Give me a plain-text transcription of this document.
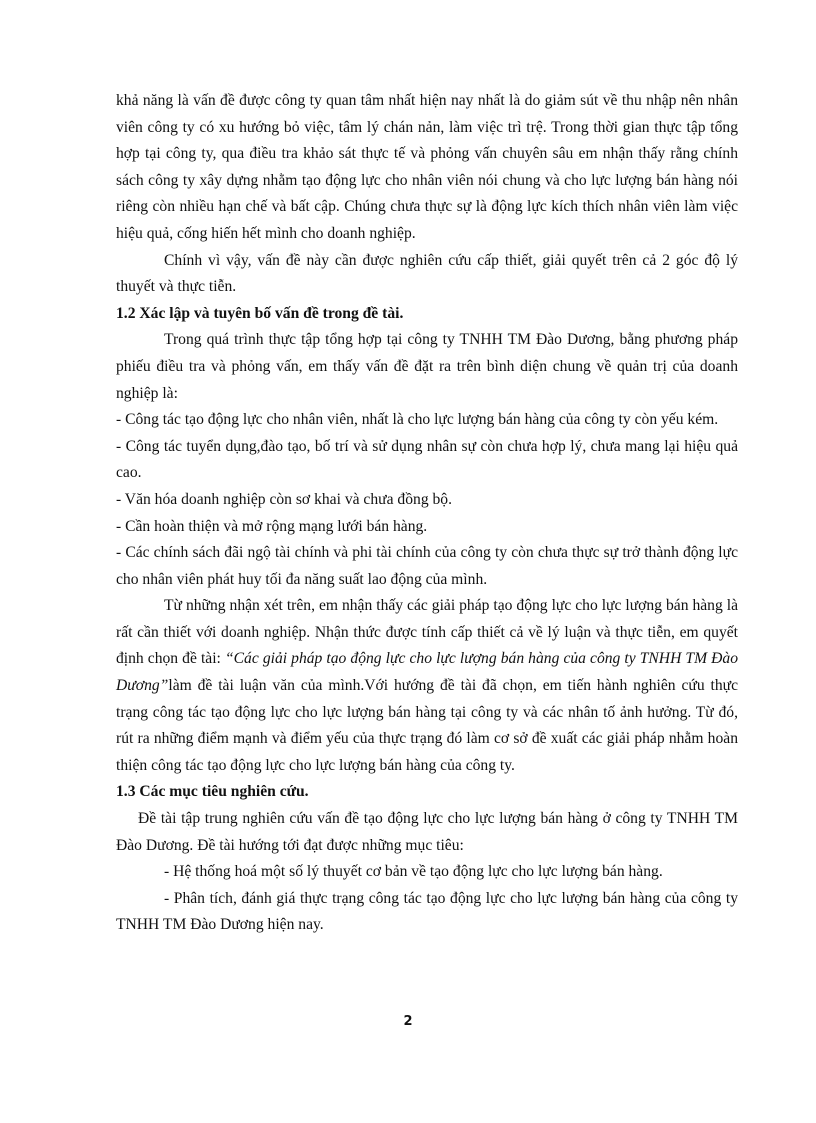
khả năng là vấn đề được công ty quan tâm nhất hiện nay nhất là do giảm sút về thu nhập nên nhân viên công ty có xu hướng bỏ việc, tâm lý chán nản, làm việc trì trệ. Trong thời gian thực tập tổng hợp tại công ty, qua điều tra khảo sát thực tế và phỏng vấn chuyên sâu em nhận thấy rằng chính sách công ty xây dựng nhằm tạo động lực cho nhân viên nói chung và cho lực lượng bán hàng nói riêng còn nhiều hạn chế và bất cập. Chúng chưa thực sự là động lực kích thích nhân viên làm việc hiệu quả, cống hiến hết mình cho doanh nghiệp.

Chính vì vậy, vấn đề này cần được nghiên cứu cấp thiết, giải quyết trên cả 2 góc độ lý thuyết và thực tiễn.

1.2 Xác lập và tuyên bố vấn đề trong đề tài.

Trong quá trình thực tập tổng hợp tại công ty TNHH TM Đào Dương, bằng phương pháp phiếu điều tra và phỏng vấn, em thấy vấn đề đặt ra trên bình diện chung về quản trị của doanh nghiệp là:

- Công tác tạo động lực cho nhân viên, nhất là cho lực lượng bán hàng của công ty còn yếu kém.

- Công tác tuyển dụng,đào tạo, bố trí và sử dụng nhân sự còn chưa hợp lý, chưa mang lại hiệu quả cao.

- Văn hóa doanh nghiệp còn sơ khai và chưa đồng bộ.

- Cần hoàn thiện và mở rộng mạng lưới bán hàng.

- Các chính sách đãi ngộ tài chính và phi tài chính của công ty còn chưa thực sự trở thành động lực cho nhân viên phát huy tối đa năng suất lao động của mình.

Từ những nhận xét trên, em nhận thấy các giải pháp tạo động lực cho lực lượng bán hàng là rất cần thiết với doanh nghiệp. Nhận thức được tính cấp thiết cả về lý luận và thực tiễn, em quyết định chọn đề tài: “Các giải pháp tạo động lực cho lực lượng bán hàng của công ty TNHH TM Đào Dương”làm đề tài luận văn của mình.Với hướng đề tài đã chọn, em tiến hành nghiên cứu thực trạng công tác tạo động lực cho lực lượng bán hàng tại công ty và các nhân tố ảnh hưởng. Từ đó, rút ra những điểm mạnh và điểm yếu của thực trạng đó làm cơ sở đề xuất các giải pháp nhằm hoàn thiện công tác tạo động lực cho lực lượng bán hàng của công ty.

1.3 Các mục tiêu nghiên cứu.

Đề tài tập trung nghiên cứu vấn đề tạo động lực cho lực lượng bán hàng ở công ty TNHH TM Đào Dương. Đề tài hướng tới đạt được những mục tiêu:

- Hệ thống hoá một số lý thuyết cơ bản về tạo động lực cho lực lượng bán hàng.

- Phân tích, đánh giá thực trạng công tác tạo động lực cho lực lượng bán hàng của công ty TNHH TM Đào Dương hiện nay.

2
